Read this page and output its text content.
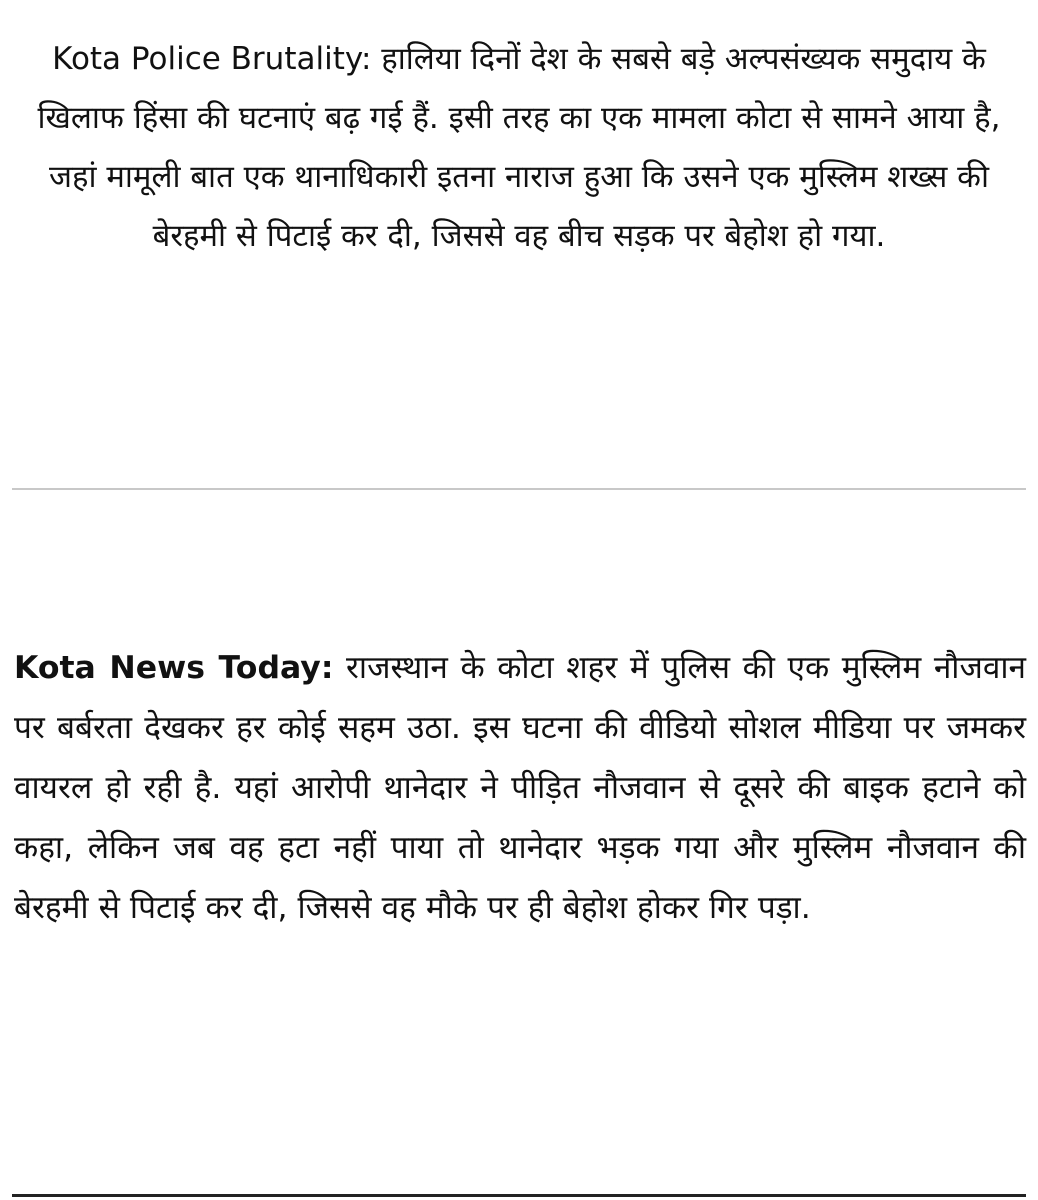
Kota Police Brutality: हालिया दिनों देश के सबसे बड़े अल्पसंख्यक समुदाय के खिलाफ हिंसा की घटनाएं बढ़ गई हैं. इसी तरह का एक मामला कोटा से सामने आया है, जहां मामूली बात एक थानाधिकारी इतना नाराज हुआ कि उसने एक मुस्लिम शख्स की बेरहमी से पिटाई कर दी, जिससे वह बीच सड़क पर बेहोश हो गया.

Kota News Today: राजस्थान के कोटा शहर में पुलिस की एक मुस्लिम नौजवान पर बर्बरता देखकर हर कोई सहम उठा. इस घटना की वीडियो सोशल मीडिया पर जमकर वायरल हो रही है. यहां आरोपी थानेदार ने पीड़ित नौजवान से दूसरे की बाइक हटाने को कहा, लेकिन जब वह हटा नहीं पाया तो थानेदार भड़क गया और मुस्लिम नौजवान की बेरहमी से पिटाई कर दी, जिससे वह मौके पर ही बेहोश होकर गिर पड़ा.
